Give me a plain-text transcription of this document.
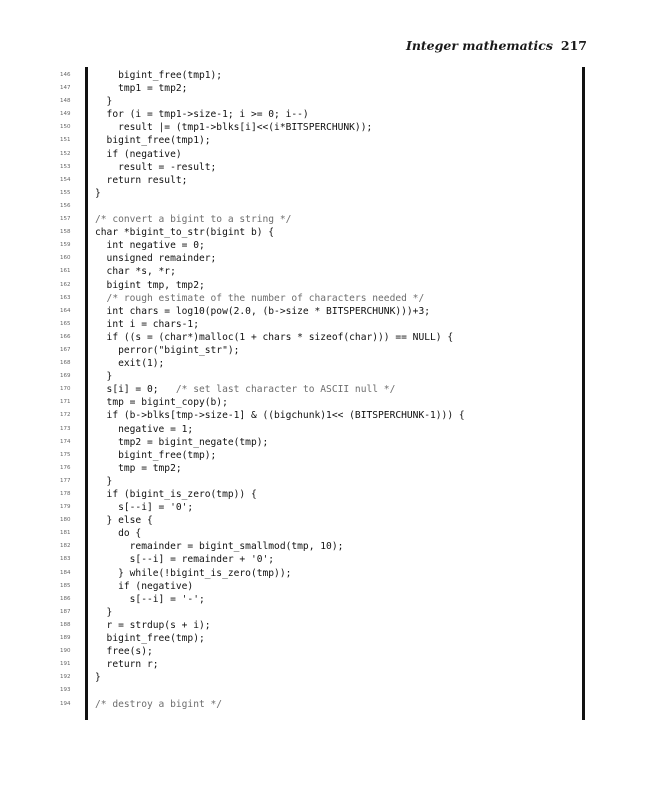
Integer mathematics 217
146	bigint_free(tmp1);
147	tmp1 = tmp2;
148	}
149	for (i = tmp1->size-1; i >= 0; i--)
150	result |= (tmp1->blks[i]<<(i*BITSPERCHUNK));
151	bigint_free(tmp1);
152	if (negative)
153	result = -result;
154	return result;
155	}
156
157	/* convert a bigint to a string */
158	char *bigint_to_str(bigint b) {
159	int negative = 0;
160	unsigned remainder;
161	char *s, *r;
162	bigint tmp, tmp2;
163	/* rough estimate of the number of characters needed */
164	int chars = log10(pow(2.0, (b->size * BITSPERCHUNK)))+3;
165	int i = chars-1;
166	if ((s = (char*)malloc(1 + chars * sizeof(char))) == NULL) {
167	perror("bigint_str");
168	exit(1);
169	}
170	s[i] = 0;   /* set last character to ASCII null */
171	tmp = bigint_copy(b);
172	if (b->blks[tmp->size-1] & ((bigchunk)1<< (BITSPERCHUNK-1))) {
173	negative = 1;
174	tmp2 = bigint_negate(tmp);
175	bigint_free(tmp);
176	tmp = tmp2;
177	}
178	if (bigint_is_zero(tmp)) {
179	s[--i] = '0';
180	} else {
181	do {
182	remainder = bigint_smallmod(tmp, 10);
183	s[--i] = remainder + '0';
184	} while(!bigint_is_zero(tmp));
185	if (negative)
186	s[--i] = '-';
187	}
188	r = strdup(s + i);
189	bigint_free(tmp);
190	free(s);
191	return r;
192	}
193
194	/* destroy a bigint */
